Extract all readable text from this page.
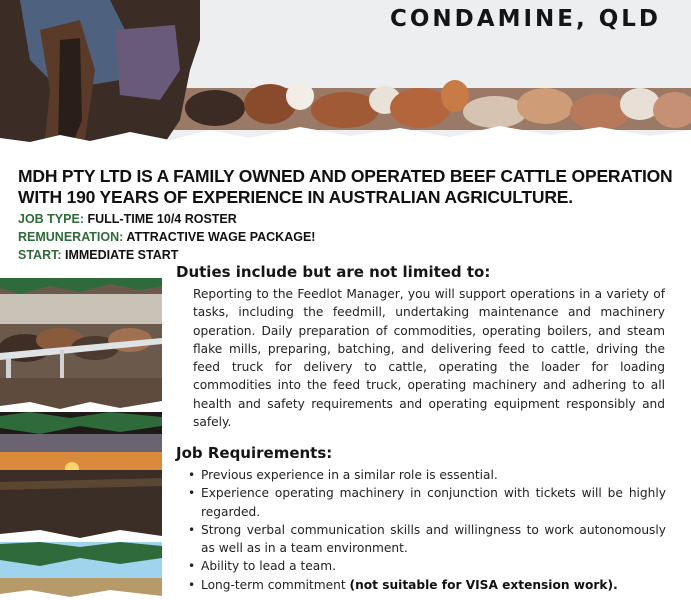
CONDAMINE, QLD
MDH PTY LTD IS A FAMILY OWNED AND OPERATED BEEF CATTLE OPERATION WITH 190 YEARS OF EXPERIENCE IN AUSTRALIAN AGRICULTURE.
JOB TYPE: FULL-TIME 10/4 ROSTER
REMUNERATION: ATTRACTIVE WAGE PACKAGE!
START: IMMEDIATE START
Duties include but are not limited to:
Reporting to the Feedlot Manager, you will support operations in a variety of tasks, including the feedmill, undertaking maintenance and machinery operation. Daily preparation of commodities, operating boilers, and steam flake mills, preparing, batching, and delivering feed to cattle, driving the feed truck for delivery to cattle, operating the loader for loading commodities into the feed truck, operating machinery and adhering to all health and safety requirements and operating equipment responsibly and safely.
Job Requirements:
• Previous experience in a similar role is essential.
• Experience operating machinery in conjunction with tickets will be highly regarded.
• Strong verbal communication skills and willingness to work autonomously as well as in a team environment.
• Ability to lead a team.
• Long-term commitment (not suitable for VISA extension work).
